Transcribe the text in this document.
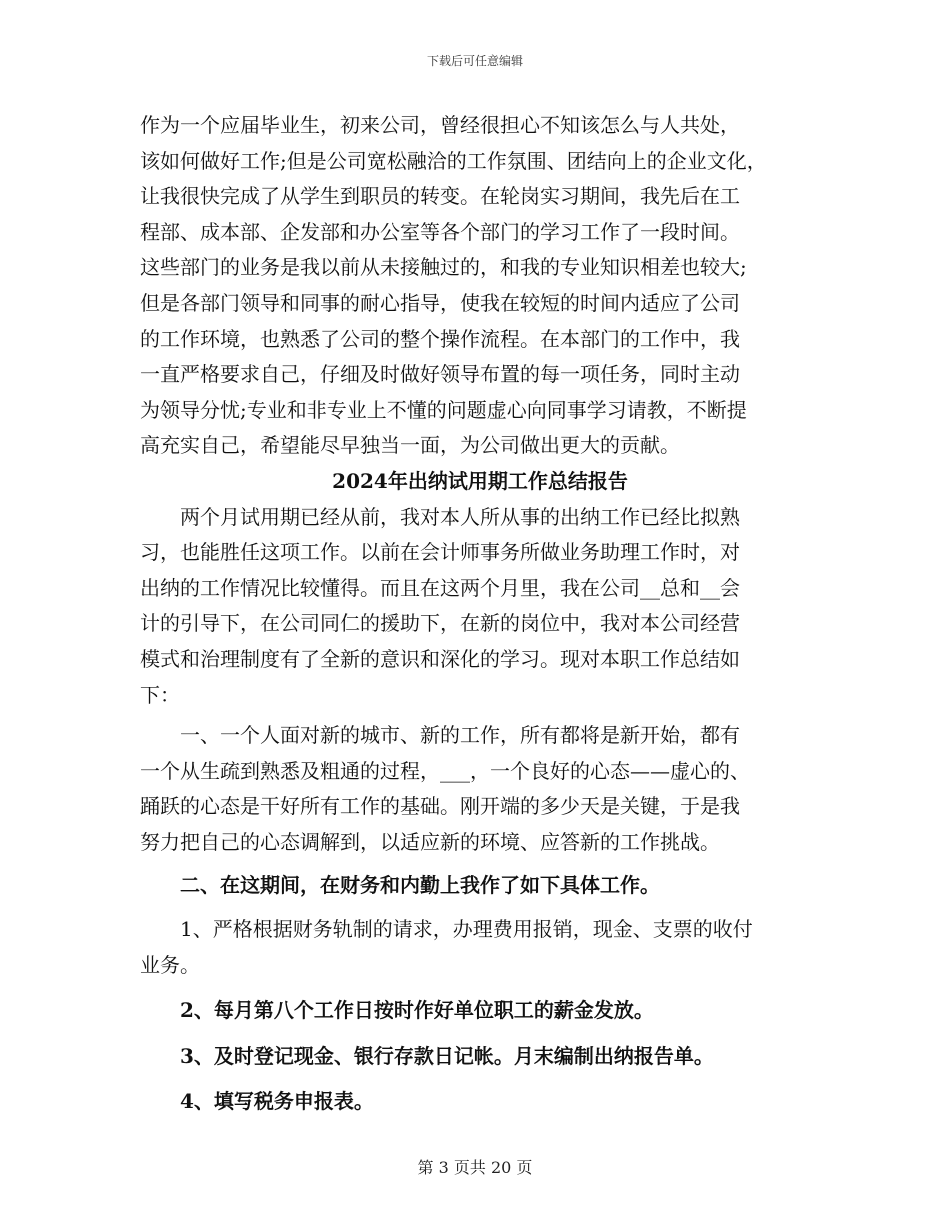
下载后可任意编辑
作为一个应届毕业生，初来公司，曾经很担心不知该怎么与人共处，
该如何做好工作;但是公司宽松融洽的工作氛围、团结向上的企业文化，
让我很快完成了从学生到职员的转变。在轮岗实习期间，我先后在工
程部、成本部、企发部和办公室等各个部门的学习工作了一段时间。
这些部门的业务是我以前从未接触过的，和我的专业知识相差也较大;
但是各部门领导和同事的耐心指导，使我在较短的时间内适应了公司
的工作环境，也熟悉了公司的整个操作流程。在本部门的工作中，我
一直严格要求自己，仔细及时做好领导布置的每一项任务，同时主动
为领导分忧;专业和非专业上不懂的问题虚心向同事学习请教，不断提
高充实自己，希望能尽早独当一面，为公司做出更大的贡献。
2024年出纳试用期工作总结报告
　　两个月试用期已经从前，我对本人所从事的出纳工作已经比拟熟
习，也能胜任这项工作。以前在会计师事务所做业务助理工作时，对
出纳的工作情况比较懂得。而且在这两个月里，我在公司__总和__会
计的引导下，在公司同仁的援助下，在新的岗位中，我对本公司经营
模式和治理制度有了全新的意识和深化的学习。现对本职工作总结如
下：
　　一、一个人面对新的城市、新的工作，所有都将是新开始，都有
一个从生疏到熟悉及粗通的过程，___，一个良好的心态——虚心的、
踊跃的心态是干好所有工作的基础。刚开端的多少天是关键，于是我
努力把自己的心态调解到，以适应新的环境、应答新的工作挑战。
　　二、在这期间，在财务和内勤上我作了如下具体工作。
　　1、严格根据财务轨制的请求，办理费用报销，现金、支票的收付
业务。
　　2、每月第八个工作日按时作好单位职工的薪金发放。
　　3、及时登记现金、银行存款日记帐。月末编制出纳报告单。
　　4、填写税务申报表。
第 3 页共 20 页
